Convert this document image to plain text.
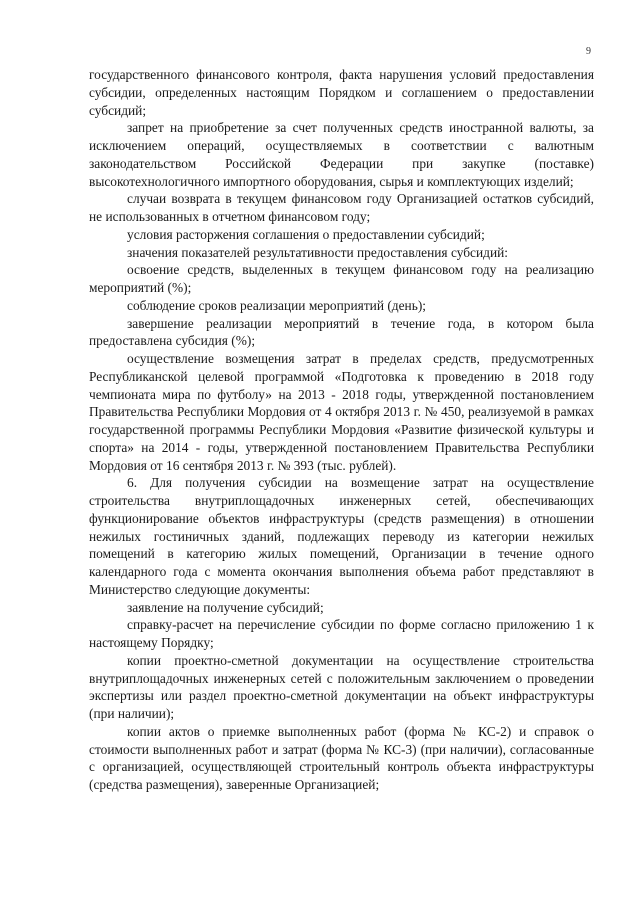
9

государственного финансового контроля, факта нарушения условий предоставления субсидии, определенных настоящим Порядком и соглашением о предоставлении субсидий;

запрет на приобретение за счет полученных средств иностранной валюты, за исключением операций, осуществляемых в соответствии с валютным законодательством Российской Федерации при закупке (поставке) высокотехнологичного импортного оборудования, сырья и комплектующих изделий;

случаи возврата в текущем финансовом году Организацией остатков субсидий, не использованных в отчетном финансовом году;

условия расторжения соглашения о предоставлении субсидий;

значения показателей результативности предоставления субсидий:

освоение средств, выделенных в текущем финансовом году на реализацию мероприятий (%);

соблюдение сроков реализации мероприятий (день);

завершение реализации мероприятий в течение года, в котором была предоставлена субсидия (%);

осуществление возмещения затрат в пределах средств, предусмотренных Республиканской целевой программой «Подготовка к проведению в 2018 году чемпионата мира по футболу» на 2013 - 2018 годы, утвержденной постановлением Правительства Республики Мордовия от 4 октября 2013 г. № 450, реализуемой в рамках государственной программы Республики Мордовия «Развитие физической культуры и спорта» на 2014 - годы, утвержденной постановлением Правительства Республики Мордовия от 16 сентября 2013 г. № 393 (тыс. рублей).

6. Для получения субсидии на возмещение затрат на осуществление строительства внутриплощадочных инженерных сетей, обеспечивающих функционирование объектов инфраструктуры (средств размещения) в отношении нежилых гостиничных зданий, подлежащих переводу из категории нежилых помещений в категорию жилых помещений, Организации в течение одного календарного года с момента окончания выполнения объема работ представляют в Министерство следующие документы:

заявление на получение субсидий;

справку-расчет на перечисление субсидии по форме согласно приложению 1 к настоящему Порядку;

копии проектно-сметной документации на осуществление строительства внутриплощадочных инженерных сетей с положительным заключением о проведении экспертизы или раздел проектно-сметной документации на объект инфраструктуры (при наличии);

копии актов о приемке выполненных работ (форма № КС-2) и справок о стоимости выполненных работ и затрат (форма № КС-3) (при наличии), согласованные с организацией, осуществляющей строительный контроль объекта инфраструктуры (средства размещения), заверенные Организацией;
